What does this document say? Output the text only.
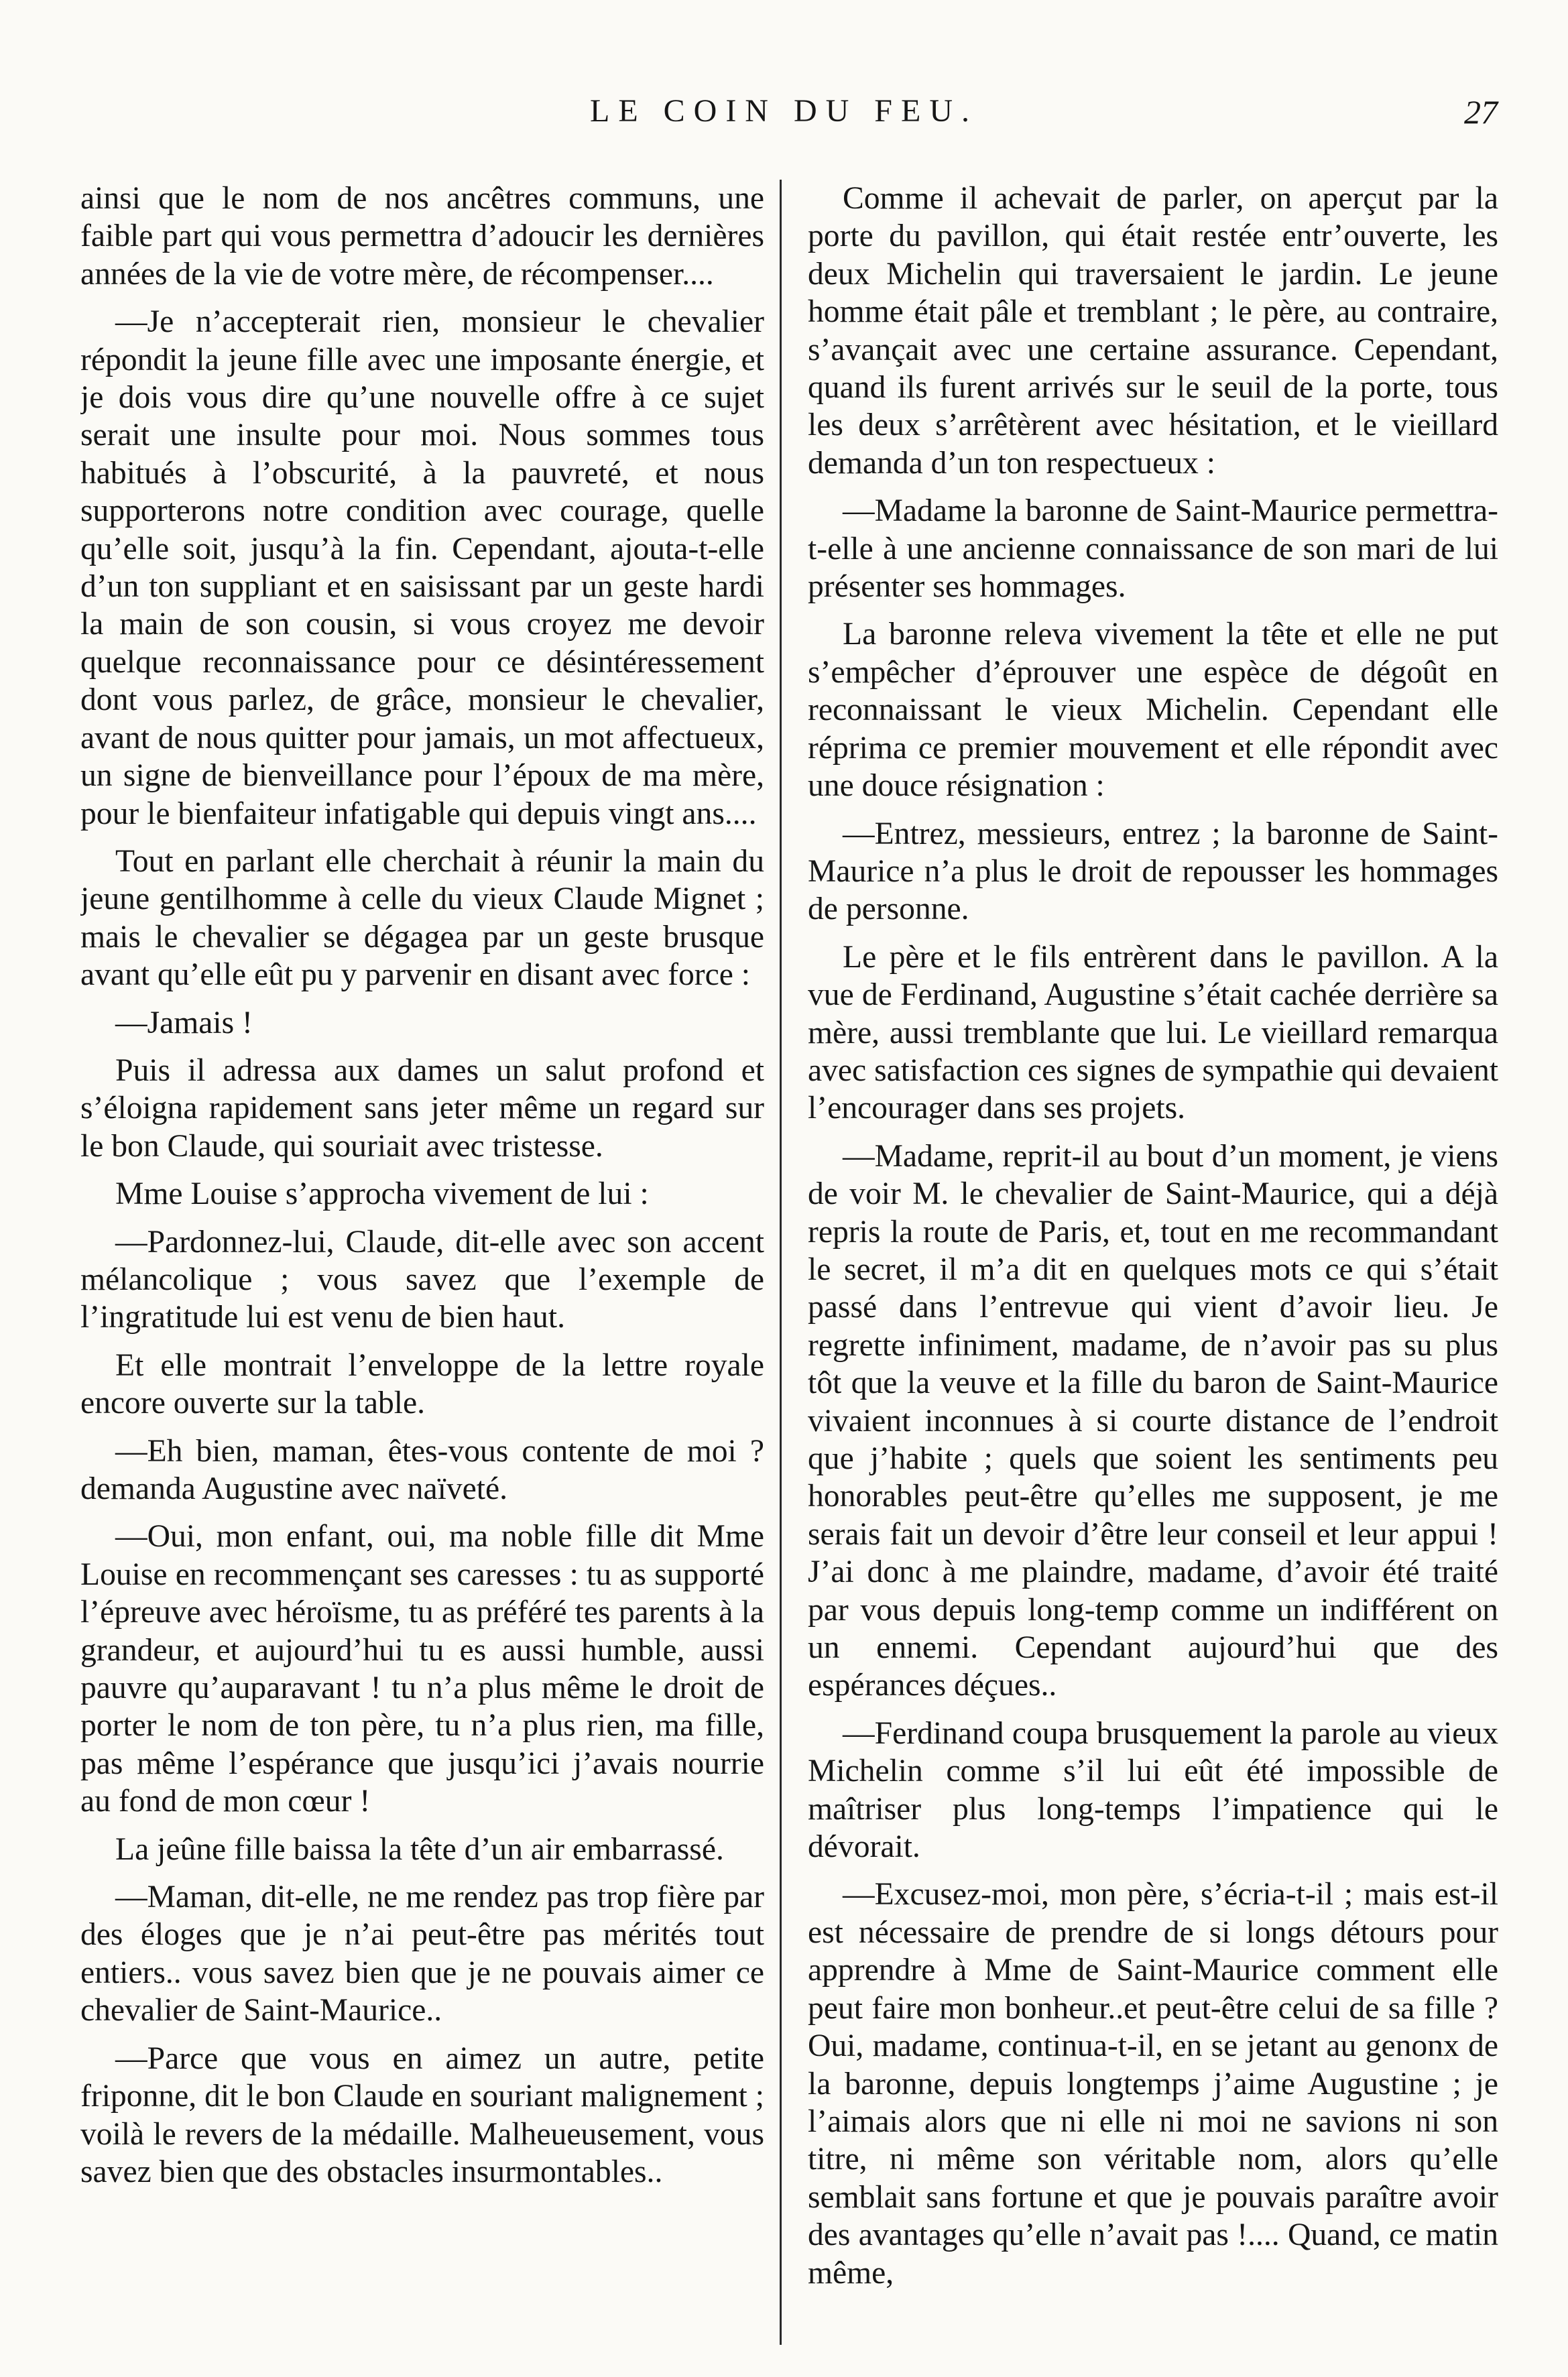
LE COIN DU FEU.	27

ainsi que le nom de nos ancêtres communs, une faible part qui vous permettra d’adoucir les dernières années de la vie de votre mère, de récompenser....

—Je n’accepterait rien, monsieur le chevalier répondit la jeune fille avec une imposante énergie, et je dois vous dire qu’une nouvelle offre à ce sujet serait une insulte pour moi. Nous sommes tous habitués à l’obscurité, à la pauvreté, et nous supporterons notre condition avec courage, quelle qu’elle soit, jusqu’à la fin. Cependant, ajouta-t-elle d’un ton suppliant et en saisissant par un geste hardi la main de son cousin, si vous croyez me devoir quelque reconnaissance pour ce désintéressement dont vous parlez, de grâce, monsieur le chevalier, avant de nous quitter pour jamais, un mot affectueux, un signe de bienveillance pour l’époux de ma mère, pour le bienfaiteur infatigable qui depuis vingt ans....

Tout en parlant elle cherchait à réunir la main du jeune gentilhomme à celle du vieux Claude Mignet ; mais le chevalier se dégagea par un geste brusque avant qu’elle eût pu y parvenir en disant avec force :

—Jamais !

Puis il adressa aux dames un salut profond et s’éloigna rapidement sans jeter même un regard sur le bon Claude, qui souriait avec tristesse.

Mme Louise s’approcha vivement de lui :

—Pardonnez-lui, Claude, dit-elle avec son accent mélancolique ; vous savez que l’exemple de l’ingratitude lui est venu de bien haut.

Et elle montrait l’enveloppe de la lettre royale encore ouverte sur la table.

—Eh bien, maman, êtes-vous contente de moi ? demanda Augustine avec naïveté.

—Oui, mon enfant, oui, ma noble fille dit Mme Louise en recommençant ses caresses : tu as supporté l’épreuve avec héroïsme, tu as préféré tes parents à la grandeur, et aujourd’hui tu es aussi humble, aussi pauvre qu’auparavant ! tu n’a plus même le droit de porter le nom de ton père, tu n’a plus rien, ma fille, pas même l’espérance que jusqu’ici j’avais nourrie au fond de mon cœur !

La jeûne fille baissa la tête d’un air embarrassé.

—Maman, dit-elle, ne me rendez pas trop fière par des éloges que je n’ai peut-être pas mérités tout entiers.. vous savez bien que je ne pouvais aimer ce chevalier de Saint-Maurice..

—Parce que vous en aimez un autre, petite friponne, dit le bon Claude en souriant malignement ; voilà le revers de la médaille. Malheueusement, vous savez bien que des obstacles insurmontables..

Comme il achevait de parler, on aperçut par la porte du pavillon, qui était restée entr’ouverte, les deux Michelin qui traversaient le jardin. Le jeune homme était pâle et tremblant ; le père, au contraire, s’avançait avec une certaine assurance. Cependant, quand ils furent arrivés sur le seuil de la porte, tous les deux s’arrêtèrent avec hésitation, et le vieillard demanda d’un ton respectueux :

—Madame la baronne de Saint-Maurice permettra-t-elle à une ancienne connaissance de son mari de lui présenter ses hommages.

La baronne releva vivement la tête et elle ne put s’empêcher d’éprouver une espèce de dégoût en reconnaissant le vieux Michelin. Cependant elle réprima ce premier mouvement et elle répondit avec une douce résignation :

—Entrez, messieurs, entrez ; la baronne de Saint-Maurice n’a plus le droit de repousser les hommages de personne.

Le père et le fils entrèrent dans le pavillon. A la vue de Ferdinand, Augustine s’était cachée derrière sa mère, aussi tremblante que lui. Le vieillard remarqua avec satisfaction ces signes de sympathie qui devaient l’encourager dans ses projets.

—Madame, reprit-il au bout d’un moment, je viens de voir M. le chevalier de Saint-Maurice, qui a déjà repris la route de Paris, et, tout en me recommandant le secret, il m’a dit en quelques mots ce qui s’était passé dans l’entrevue qui vient d’avoir lieu. Je regrette infiniment, madame, de n’avoir pas su plus tôt que la veuve et la fille du baron de Saint-Maurice vivaient inconnues à si courte distance de l’endroit que j’habite ; quels que soient les sentiments peu honorables peut-être qu’elles me supposent, je me serais fait un devoir d’être leur conseil et leur appui ! J’ai donc à me plaindre, madame, d’avoir été traité par vous depuis long-temp comme un indifférent on un ennemi. Cependant aujourd’hui que des espérances déçues..

—Ferdinand coupa brusquement la parole au vieux Michelin comme s’il lui eût été impossible de maîtriser plus long-temps l’impatience qui le dévorait.

—Excusez-moi, mon père, s’écria-t-il ; mais est-il est nécessaire de prendre de si longs détours pour apprendre à Mme de Saint-Maurice comment elle peut faire mon bonheur..et peut-être celui de sa fille ? Oui, madame, continua-t-il, en se jetant au genonx de la baronne, depuis longtemps j’aime Augustine ; je l’aimais alors que ni elle ni moi ne savions ni son titre, ni même son véritable nom, alors qu’elle semblait sans fortune et que je pouvais paraître avoir des avantages qu’elle n’avait pas !.... Quand, ce matin même,
